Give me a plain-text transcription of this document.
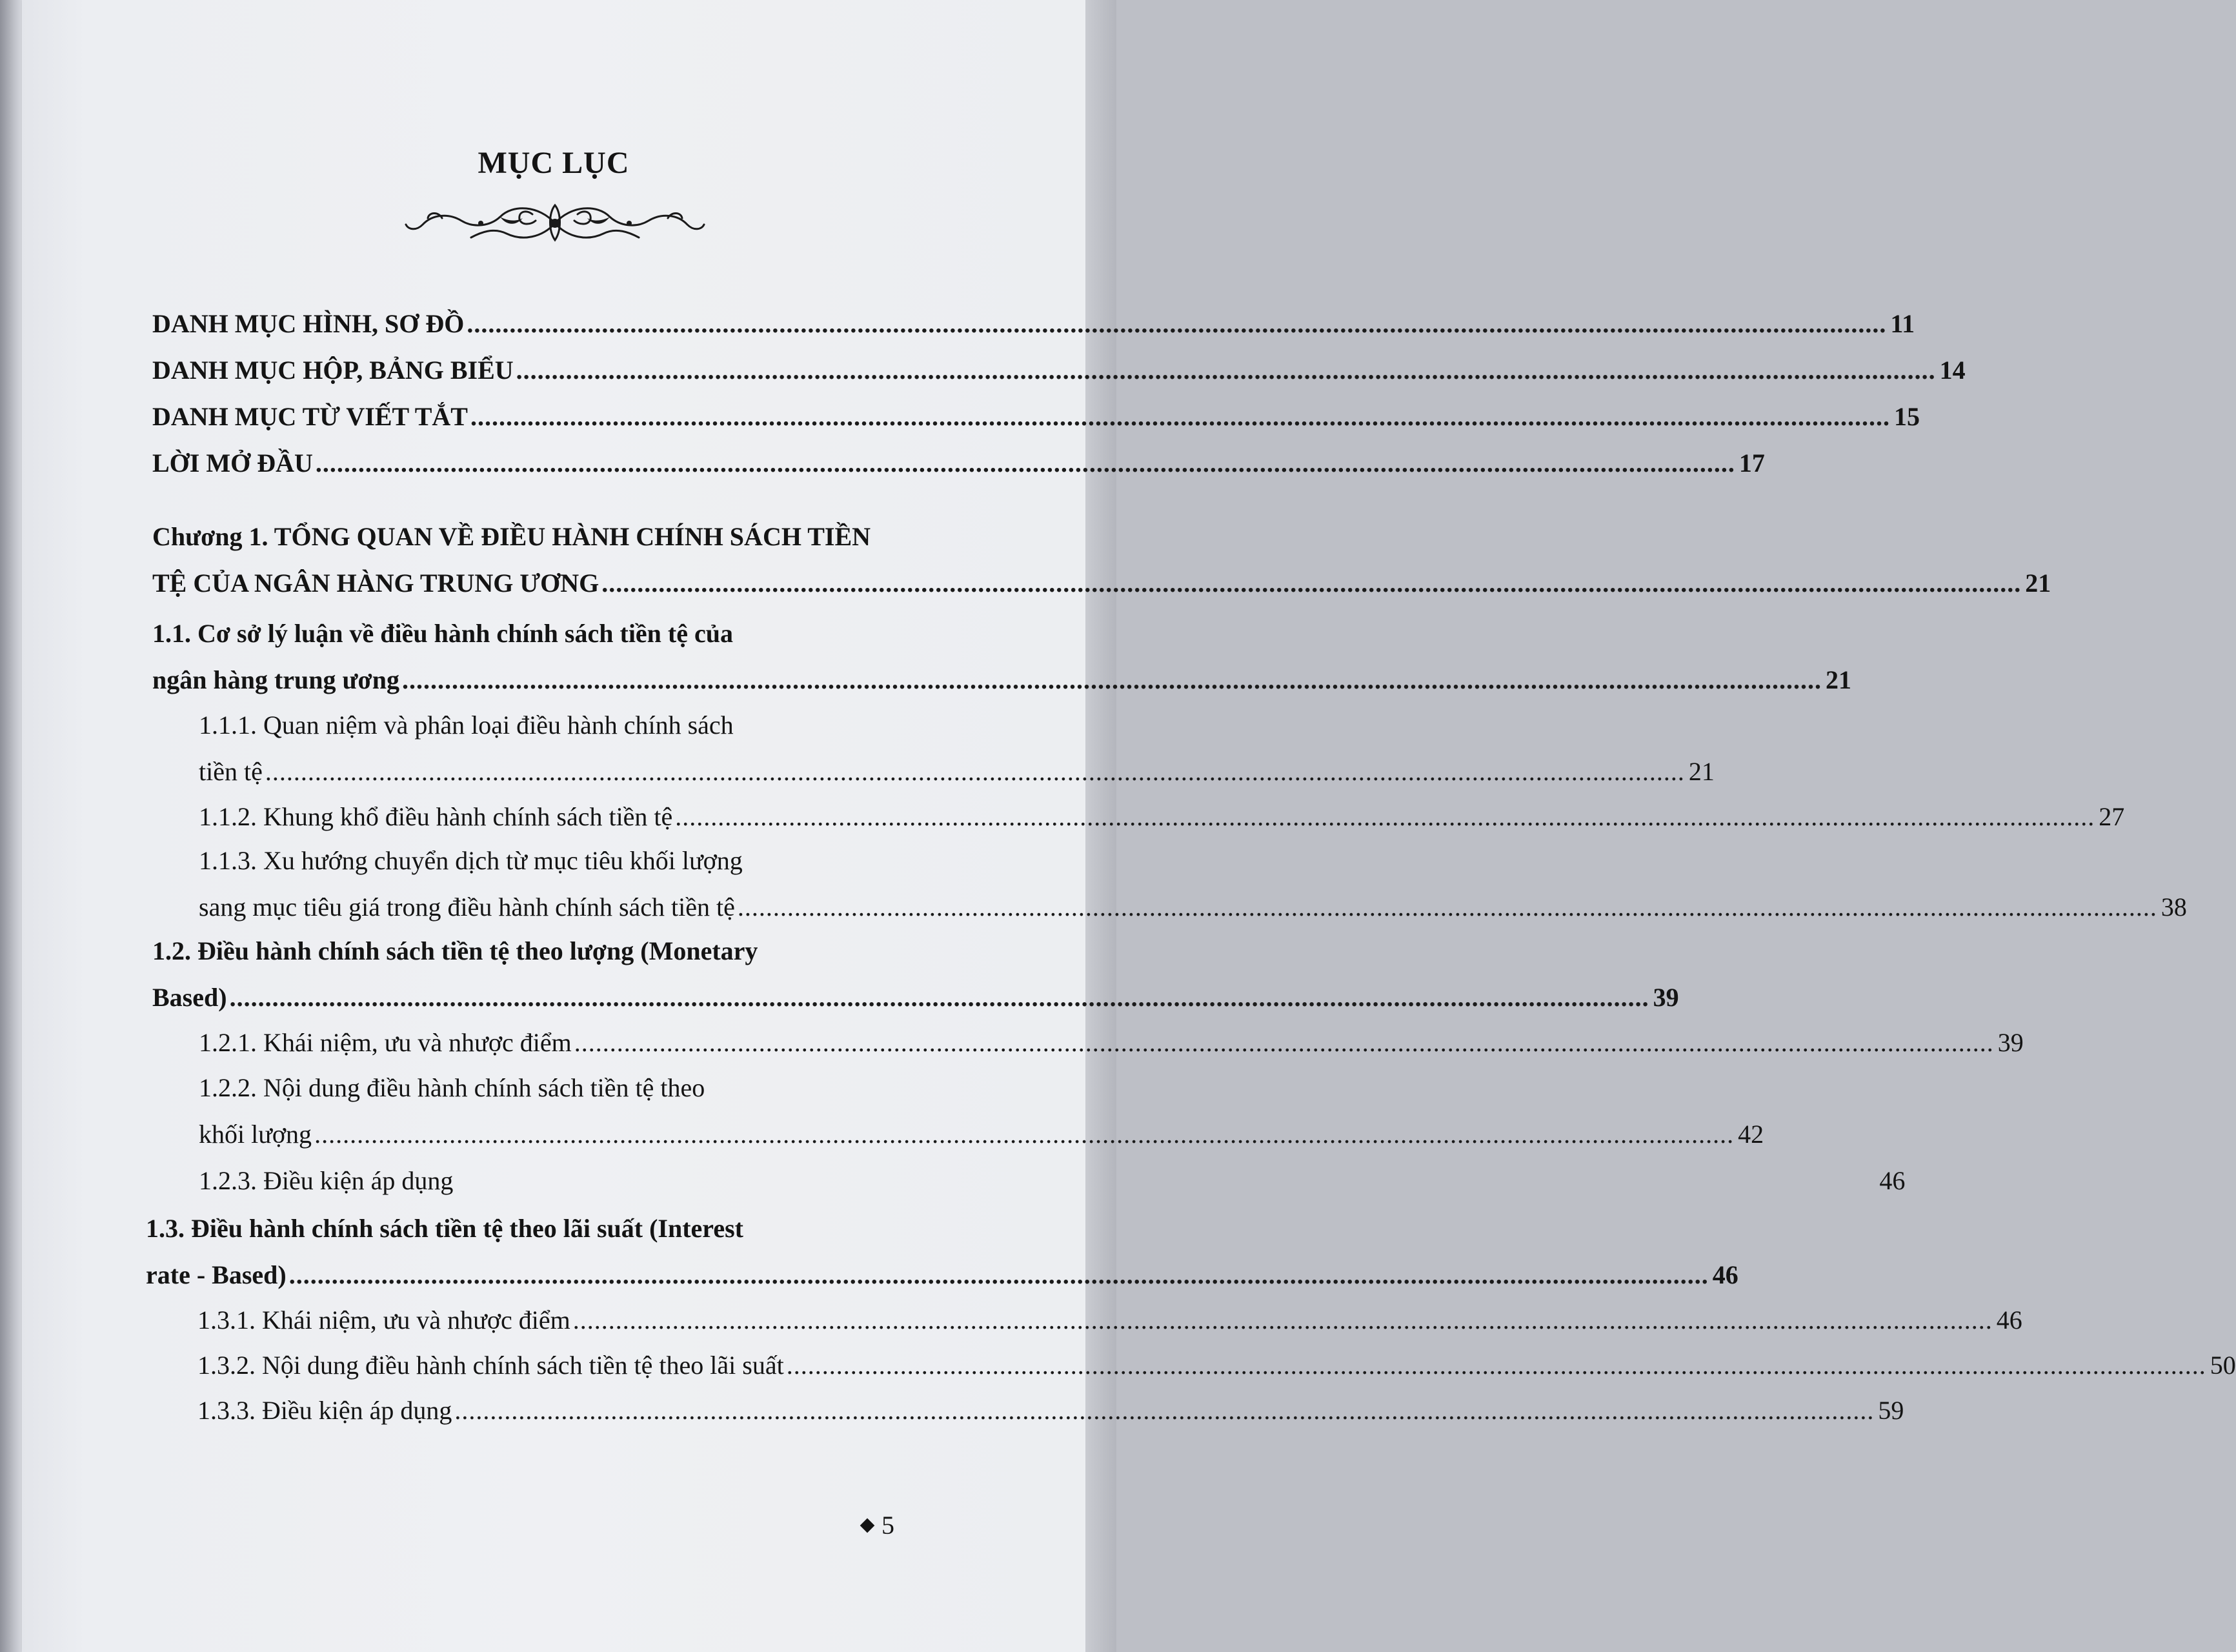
MỤC LỤC
DANH MỤC HÌNH, SƠ ĐỒ ........................................................................................................................................................................................................ 11
DANH MỤC HỘP, BẢNG BIỂU ........................................................................................................................................................................................................ 14
DANH MỤC TỪ VIẾT TẮT ........................................................................................................................................................................................................ 15
LỜI MỞ ĐẦU ........................................................................................................................................................................................................ 17
Chương 1. TỔNG QUAN VỀ ĐIỀU HÀNH CHÍNH SÁCH TIỀN
TỆ CỦA NGÂN HÀNG TRUNG ƯƠNG ........................................................................................................................................................................................................ 21
1.1. Cơ sở lý luận về điều hành chính sách tiền tệ của
ngân hàng trung ương ........................................................................................................................................................................................................ 21
1.1.1. Quan niệm và phân loại điều hành chính sách
tiền tệ ........................................................................................................................................................................................................ 21
1.1.2. Khung khổ điều hành chính sách tiền tệ ........................................................................................................................................................................................................ 27
1.1.3. Xu hướng chuyển dịch từ mục tiêu khối lượng
sang mục tiêu giá trong điều hành chính sách tiền tệ ........................................................................................................................................................................................................ 38
1.2. Điều hành chính sách tiền tệ theo lượng (Monetary
Based) ........................................................................................................................................................................................................ 39
1.2.1. Khái niệm, ưu và nhược điểm ........................................................................................................................................................................................................ 39
1.2.2. Nội dung điều hành chính sách tiền tệ theo
khối lượng ........................................................................................................................................................................................................ 42
1.2.3. Điều kiện áp dụng	46
1.3. Điều hành chính sách tiền tệ theo lãi suất (Interest
rate - Based) ........................................................................................................................................................................................................ 46
1.3.1. Khái niệm, ưu và nhược điểm ........................................................................................................................................................................................................ 46
1.3.2. Nội dung điều hành chính sách tiền tệ theo lãi suất ........................................................................................................................................................................................................ 50
1.3.3. Điều kiện áp dụng ........................................................................................................................................................................................................ 59
5
